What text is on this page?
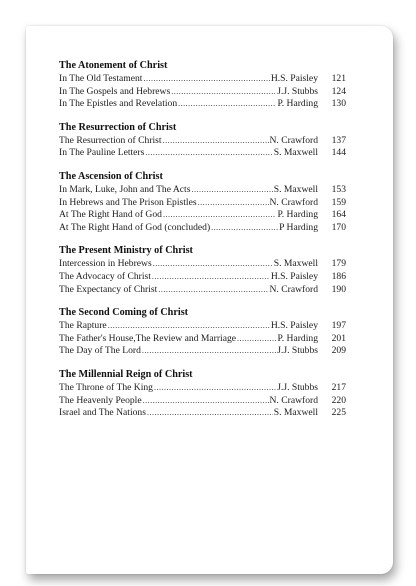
The Atonement of Christ
In The Old Testament .....	H.S. Paisley	121
In The Gospels and Hebrews .....	J.J. Stubbs	124
In The Epistles and Revelation .....	P. Harding	130
The Resurrection of Christ
The Resurrection of Christ .....	N. Crawford	137
In The Pauline Letters .....	S. Maxwell	144
The Ascension of Christ
In Mark, Luke, John and The Acts .....	S. Maxwell	153
In Hebrews and The Prison Epistles .....	N. Crawford	159
At The Right Hand of God .....	P. Harding	164
At The Right Hand of God (concluded) .....	P Harding	170
The Present Ministry of Christ
Intercession in Hebrews .....	S. Maxwell	179
The Advocacy of Christ .....	H.S. Paisley	186
The Expectancy of Christ .....	N. Crawford	190
The Second Coming of Christ
The Rapture .....	H.S. Paisley	197
The Father's House,The Review and Marriage .....	P. Harding	201
The Day of The Lord .....	J.J. Stubbs	209
The Millennial Reign of Christ
The Throne of The King .....	J.J. Stubbs	217
The Heavenly People .....	N. Crawford	220
Israel and The Nations .....	S. Maxwell	225
